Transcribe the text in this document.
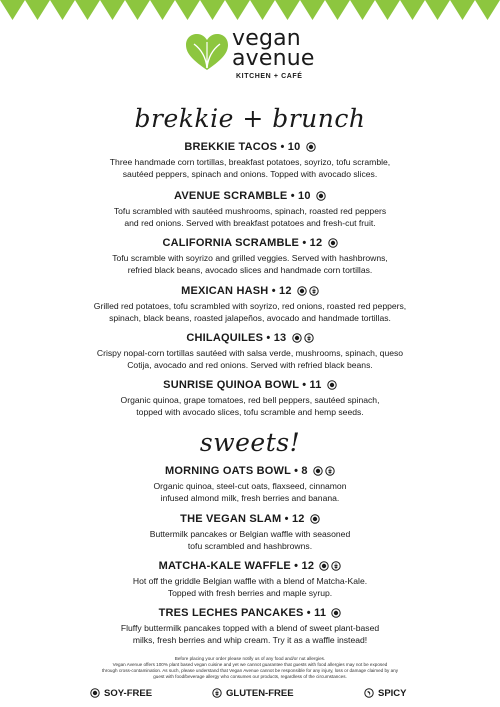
vegan
avenue
KITCHEN + CAFÉ
brekkie + brunch
BREKKIE TACOS • 10
Three handmade corn tortillas, breakfast potatoes, soyrizo, tofu scramble,
sautéed peppers, spinach and onions. Topped with avocado slices.
AVENUE SCRAMBLE • 10
Tofu scrambled with sautéed mushrooms, spinach, roasted red peppers
and red onions. Served with breakfast potatoes and fresh-cut fruit.
CALIFORNIA SCRAMBLE • 12
Tofu scramble with soyrizo and grilled veggies. Served with hashbrowns,
refried black beans, avocado slices and handmade corn tortillas.
MEXICAN HASH • 12
Grilled red potatoes, tofu scrambled with soyrizo, red onions, roasted red peppers,
spinach, black beans, roasted jalapeños, avocado and handmade tortillas.
CHILAQUILES • 13
Crispy nopal-corn tortillas sautéed with salsa verde, mushrooms, spinach, queso
Cotija, avocado and red onions. Served with refried black beans.
SUNRISE QUINOA BOWL • 11
Organic quinoa, grape tomatoes, red bell peppers, sautéed spinach,
topped with avocado slices, tofu scramble and hemp seeds.
sweets!
MORNING OATS BOWL • 8
Organic quinoa, steel-cut oats, flaxseed, cinnamon
infused almond milk, fresh berries and banana.
THE VEGAN SLAM • 12
Buttermilk pancakes or Belgian waffle with seasoned
tofu scrambled and hashbrowns.
MATCHA-KALE WAFFLE • 12
Hot off the griddle Belgian waffle with a blend of Matcha-Kale.
Topped with fresh berries and maple syrup.
TRES LECHES PANCAKES • 11
Fluffy buttermilk pancakes topped with a blend of sweet plant-based
milks, fresh berries and whip cream. Try it as a waffle instead!
Before placing your order please notify us of any food and/or nut allergies.
Vegan Avenue offers 100% plant based vegan cuisine and yet we cannot guarantee that guests with food allergies may not be exposed
through cross-contamination. As such, please understand that Vegan Avenue cannot be responsible for any injury, loss or damage claimed by any
guest with food/beverage allergy who consumes our products, regardless of the circumstances.
SOY-FREE	GLUTEN-FREE	SPICY
